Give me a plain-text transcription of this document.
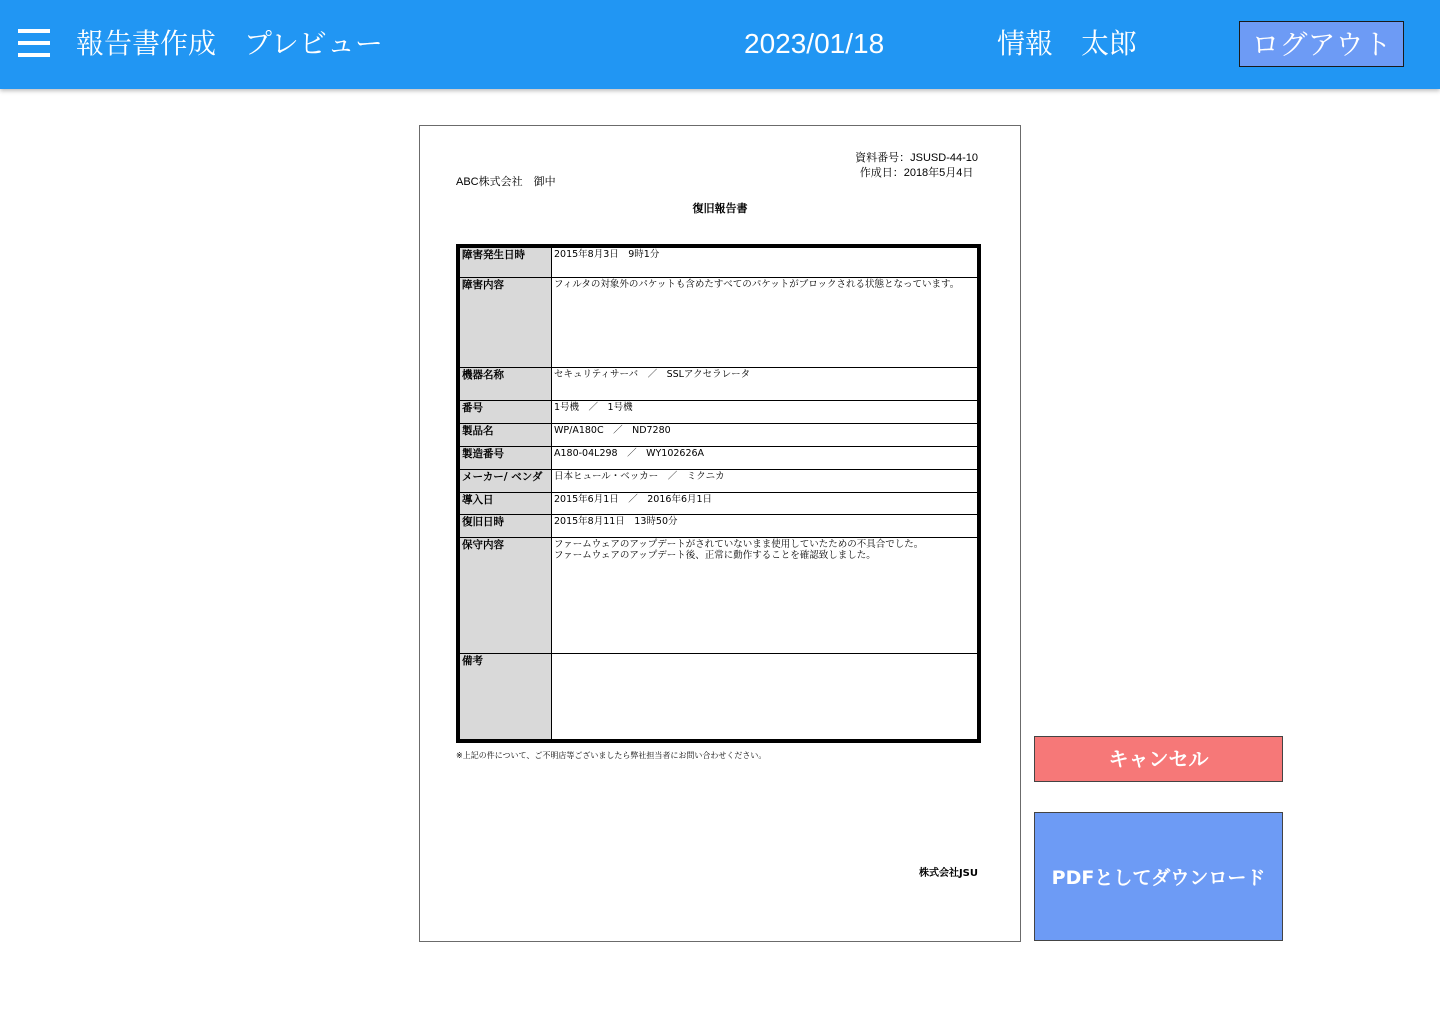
報告書作成　プレビュー	2023/01/18	情報　太郎	ログアウト
資料番号：JSUSD-44-10
作成日：2018年5月4日
ABC株式会社　御中
復旧報告書
障害発生日時	2015年8月3日　9時1分
障害内容	フィルタの対象外のパケットも含めたすべてのパケットがブロックされる状態となっています。
機器名称	セキュリティサーバ　／　SSLアクセラレータ
番号	1号機　／　1号機
製品名	WP/A180C　／　ND7280
製造番号	A180-04L298　／　WY102626A
メーカー/ ベンダ	日本ヒュール・ベッカー　／　ミクニカ
導入日	2015年6月1日　／　2016年6月1日
復旧日時	2015年8月11日　13時50分
保守内容	ファームウェアのアップデートがされていないまま使用していたための不具合でした。
ファームウェアのアップデート後、正常に動作することを確認致しました。
備考	
※上記の件について、ご不明店等ございましたら弊社担当者にお問い合わせください。
株式会社JSU
キャンセル
PDFとしてダウンロード
